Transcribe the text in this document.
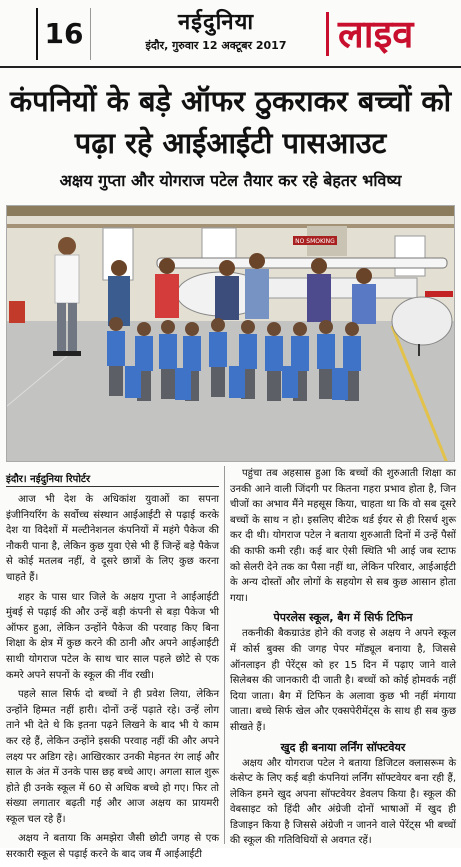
16	नईदुनिया
इंदौर, गुरुवार 12 अक्टूबर 2017	लाइव
कंपनियों के बड़े ऑफर ठुकराकर बच्चों को पढ़ा रहे आईआईटी पासआउट
अक्षय गुप्ता और योगराज पटेल तैयार कर रहे बेहतर भविष्य
NO SMOKING
इंदौर। नईदुनिया रिपोर्टर

आज भी देश के अधिकांश युवाओं का सपना इंजीनियरिंग के सर्वोच्च संस्थान आईआईटी से पढ़ाई करके देश या विदेशों में मल्टीनेशनल कंपनियों में महंगे पैकेज की नौकरी पाना है, लेकिन कुछ युवा ऐसे भी हैं जिन्हें बड़े पैकेज से कोई मतलब नहीं, वे दूसरे छात्रों के लिए कुछ करना चाहते हैं।

शहर के पास धार जिले के अक्षय गुप्ता ने आईआईटी मुंबई से पढ़ाई की और उन्हें बड़ी कंपनी से बड़ा पैकेज भी ऑफर हुआ, लेकिन उन्होंने पैकेज की परवाह किए बिना शिक्षा के क्षेत्र में कुछ करने की ठानी और अपने आईआईटी साथी योगराज पटेल के साथ चार साल पहले छोटे से एक कमरे अपने सपनों के स्कूल की नींव रखी।

पहले साल सिर्फ दो बच्चों ने ही प्रवेश लिया, लेकिन उन्होंने हिम्मत नहीं हारी। दोनों उन्हें पढ़ाते रहे। उन्हें लोग ताने भी देते थे कि इतना पढ़ने लिखने के बाद भी ये काम कर रहे हैं, लेकिन उन्होंने इसकी परवाह नहीं की और अपने लक्ष्य पर अडिग रहे। आखिरकार उनकी मेहनत रंग लाई और साल के अंत में उनके पास छह बच्चे आए। अगला साल शुरू होते ही उनके स्कूल में 60 से अधिक बच्चे हो गए। फिर तो संख्या लगातार बढ़ती गई और आज अक्षय का प्रायमरी स्कूल चल रहे हैं।

अक्षय ने बताया कि अमझेरा जैसी छोटी जगह से एक सरकारी स्कूल से पढ़ाई करने के बाद जब मैं आईआईटी

पहुंचा तब अहसास हुआ कि बच्चों की शुरुआती शिक्षा का उनकी आने वाली जिंदगी पर कितना गहरा प्रभाव होता है, जिन चीजों का अभाव मैंने महसूस किया, चाहता था कि वो सब दूसरे बच्चों के साथ न हो। इसलिए बीटेक थर्ड ईयर से ही रिसर्च शुरू कर दी थी। योगराज पटेल ने बताया शुरुआती दिनों में उन्हें पैसों की काफी कमी रही। कई बार ऐसी स्थिति भी आई जब स्टाफ को सेलरी देने तक का पैसा नहीं था, लेकिन परिवार, आईआईटी के अन्य दोस्तों और लोगों के सहयोग से सब कुछ आसान होता गया।

पेपरलेस स्कूल, बैग में सिर्फ टिफिन

तकनीकी बैकग्राउंड होने की वजह से अक्षय ने अपने स्कूल में कोर्स बुक्स की जगह पेपर मॉड्यूल बनाया है, जिससे ऑनलाइन ही पेरेंट्स को हर 15 दिन में पढ़ाए जाने वाले सिलेबस की जानकारी दी जाती है। बच्चों को कोई होमवर्क नहीं दिया जाता। बैग में टिफिन के अलावा कुछ भी नहीं मंगाया जाता। बच्चे सिर्फ खेल और एक्सपेरीमेंट्स के साथ ही सब कुछ सीखते हैं।

खुद ही बनाया लर्निंग सॉफ्टवेयर

अक्षय और योगराज पटेल ने बताया डिजिटल क्लासरूम के कंसेप्ट के लिए कई बड़ी कंपनियां लर्निंग सॉफ्टवेयर बना रही हैं, लेकिन हमने खुद अपना सॉफ्टवेयर डेवलप किया है। स्कूल की वेबसाइट को हिंदी और अंग्रेजी दोनों भाषाओं में खुद ही डिजाइन किया है जिससे अंग्रेजी न जानने वाले पेरेंट्स भी बच्चों की स्कूल की गतिविधियों से अवगत रहें।
